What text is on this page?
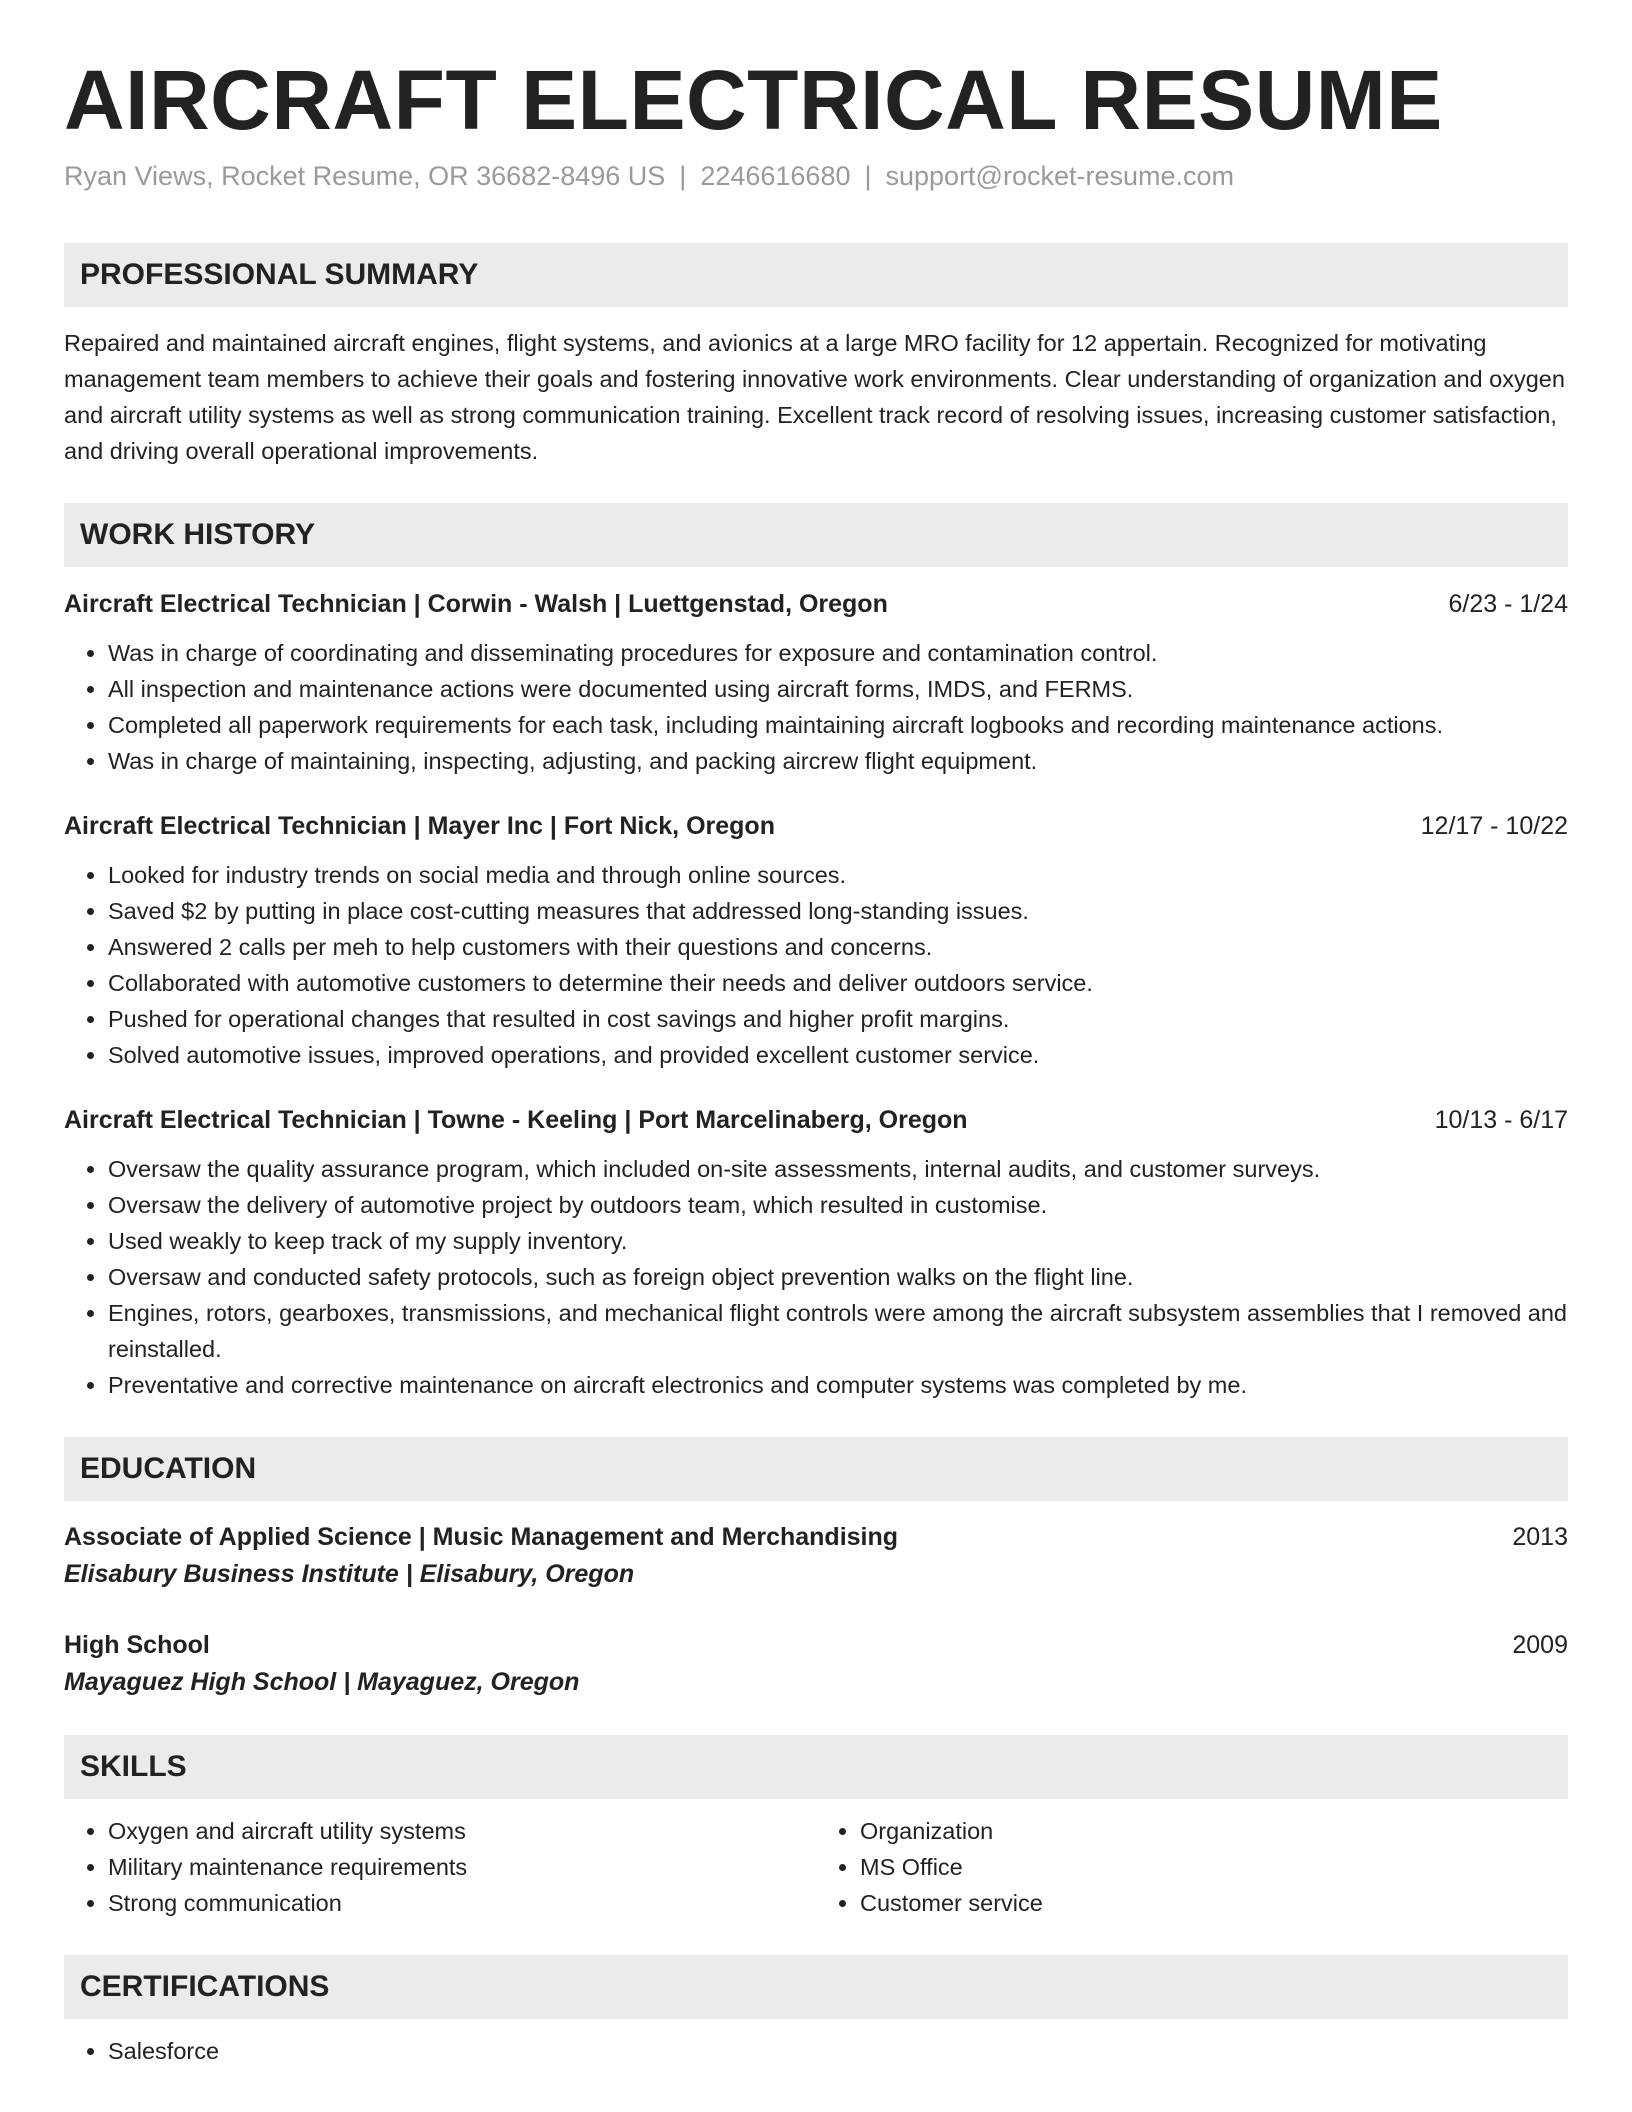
AIRCRAFT ELECTRICAL RESUME
Ryan Views, Rocket Resume, OR 36682-8496 US | 2246616680 | support@rocket-resume.com
PROFESSIONAL SUMMARY
Repaired and maintained aircraft engines, flight systems, and avionics at a large MRO facility for 12 appertain. Recognized for motivating management team members to achieve their goals and fostering innovative work environments. Clear understanding of organization and oxygen and aircraft utility systems as well as strong communication training. Excellent track record of resolving issues, increasing customer satisfaction, and driving overall operational improvements.
WORK HISTORY
Aircraft Electrical Technician | Corwin - Walsh | Luettgenstad, Oregon	6/23 - 1/24
• Was in charge of coordinating and disseminating procedures for exposure and contamination control.
• All inspection and maintenance actions were documented using aircraft forms, IMDS, and FERMS.
• Completed all paperwork requirements for each task, including maintaining aircraft logbooks and recording maintenance actions.
• Was in charge of maintaining, inspecting, adjusting, and packing aircrew flight equipment.
Aircraft Electrical Technician | Mayer Inc | Fort Nick, Oregon	12/17 - 10/22
• Looked for industry trends on social media and through online sources.
• Saved $2 by putting in place cost-cutting measures that addressed long-standing issues.
• Answered 2 calls per meh to help customers with their questions and concerns.
• Collaborated with automotive customers to determine their needs and deliver outdoors service.
• Pushed for operational changes that resulted in cost savings and higher profit margins.
• Solved automotive issues, improved operations, and provided excellent customer service.
Aircraft Electrical Technician | Towne - Keeling | Port Marcelinaberg, Oregon	10/13 - 6/17
• Oversaw the quality assurance program, which included on-site assessments, internal audits, and customer surveys.
• Oversaw the delivery of automotive project by outdoors team, which resulted in customise.
• Used weakly to keep track of my supply inventory.
• Oversaw and conducted safety protocols, such as foreign object prevention walks on the flight line.
• Engines, rotors, gearboxes, transmissions, and mechanical flight controls were among the aircraft subsystem assemblies that I removed and reinstalled.
• Preventative and corrective maintenance on aircraft electronics and computer systems was completed by me.
EDUCATION
Associate of Applied Science | Music Management and Merchandising	2013
Elisabury Business Institute | Elisabury, Oregon
High School	2009
Mayaguez High School | Mayaguez, Oregon
SKILLS
• Oxygen and aircraft utility systems
• Military maintenance requirements
• Strong communication
• Organization
• MS Office
• Customer service
CERTIFICATIONS
• Salesforce
